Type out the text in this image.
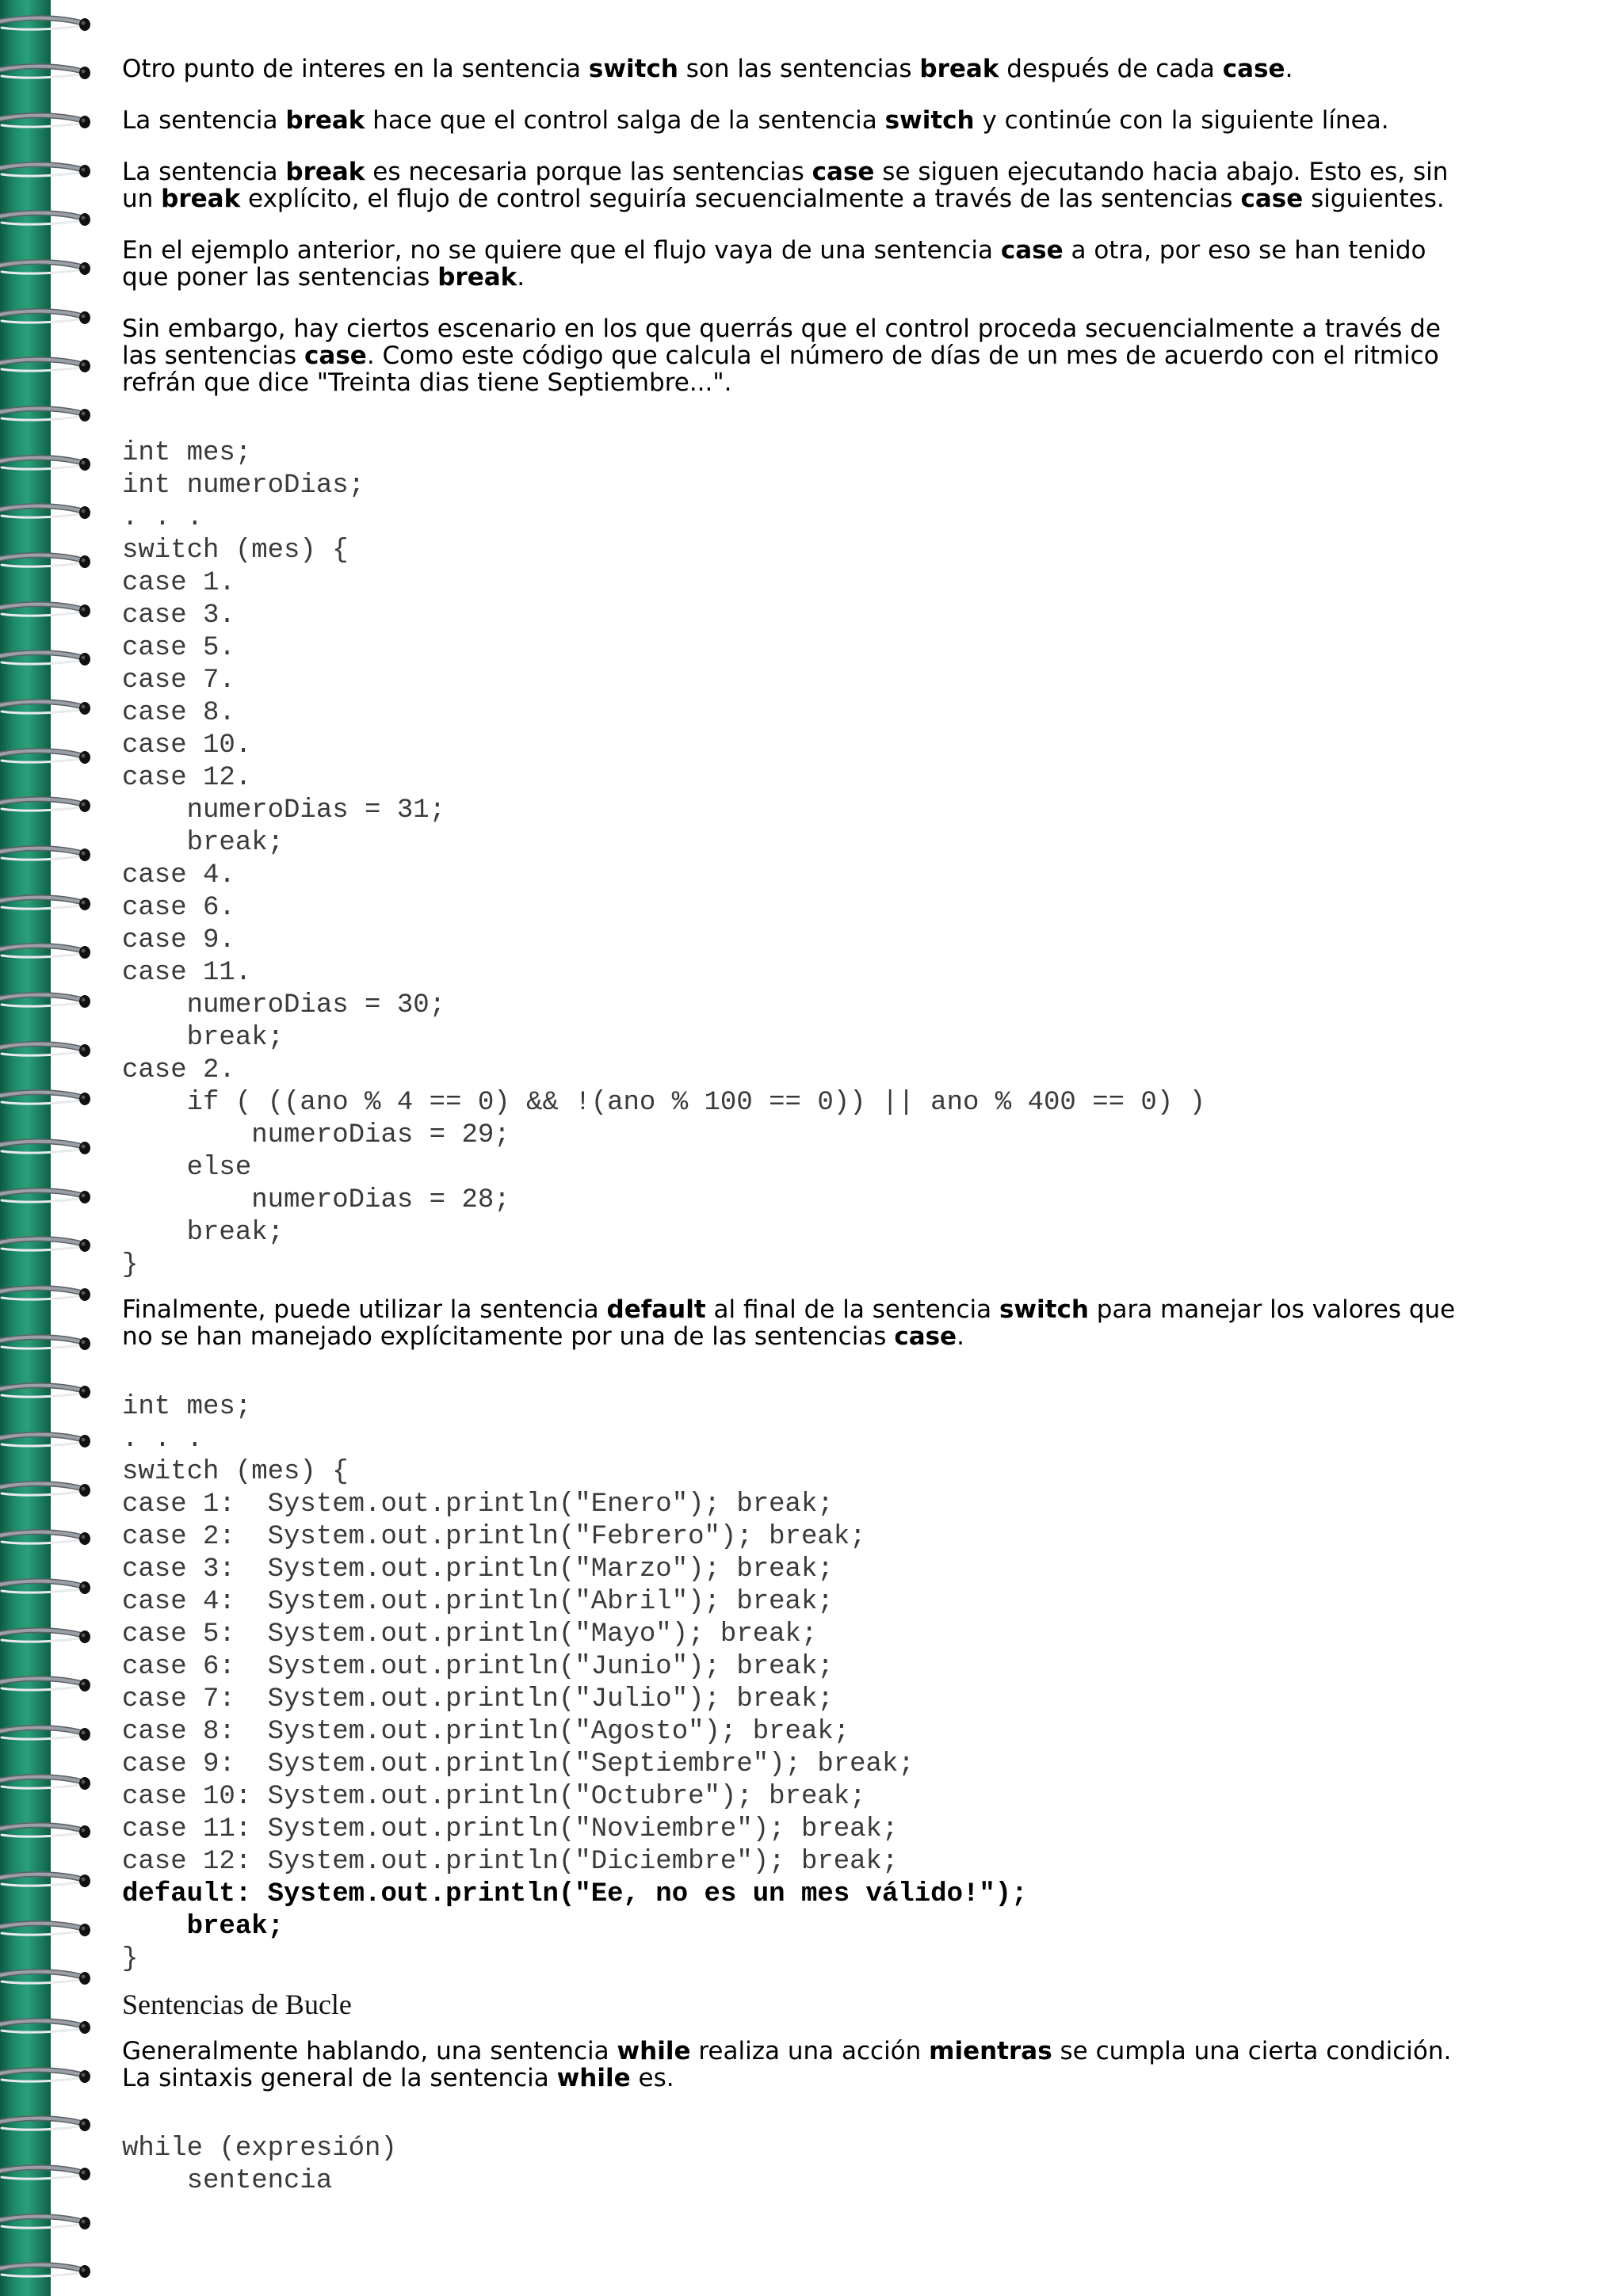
Otro punto de interes en la sentencia switch son las sentencias break después de cada case.

La sentencia break hace que el control salga de la sentencia switch y continúe con la siguiente línea.

La sentencia break es necesaria porque las sentencias case se siguen ejecutando hacia abajo. Esto es, sin un break explícito, el flujo de control seguiría secuencialmente a través de las sentencias case siguientes.

En el ejemplo anterior, no se quiere que el flujo vaya de una sentencia case a otra, por eso se han tenido que poner las sentencias break.

Sin embargo, hay ciertos escenario en los que querrás que el control proceda secuencialmente a través de las sentencias case. Como este código que calcula el número de días de un mes de acuerdo con el ritmico refrán que dice "Treinta dias tiene Septiembre...".

int mes;
int numeroDias;
. . .
switch (mes) {
case 1.
case 3.
case 5.
case 7.
case 8.
case 10.
case 12.
numeroDias = 31;
break;
case 4.
case 6.
case 9.
case 11.
numeroDias = 30;
break;
case 2.
if ( ((ano % 4 == 0) && !(ano % 100 == 0)) || ano % 400 == 0) )
numeroDias = 29;
else
numeroDias = 28;
break;
}

Finalmente, puede utilizar la sentencia default al final de la sentencia switch para manejar los valores que no se han manejado explícitamente por una de las sentencias case.

int mes;
. . .
switch (mes) {
case 1:  System.out.println("Enero"); break;
case 2:  System.out.println("Febrero"); break;
case 3:  System.out.println("Marzo"); break;
case 4:  System.out.println("Abril"); break;
case 5:  System.out.println("Mayo"); break;
case 6:  System.out.println("Junio"); break;
case 7:  System.out.println("Julio"); break;
case 8:  System.out.println("Agosto"); break;
case 9:  System.out.println("Septiembre"); break;
case 10: System.out.println("Octubre"); break;
case 11: System.out.println("Noviembre"); break;
case 12: System.out.println("Diciembre"); break;
default: System.out.println("Ee, no es un mes válido!");
break;
}

Sentencias de Bucle

Generalmente hablando, una sentencia while realiza una acción mientras se cumpla una cierta condición. La sintaxis general de la sentencia while es.

while (expresión)
sentencia
